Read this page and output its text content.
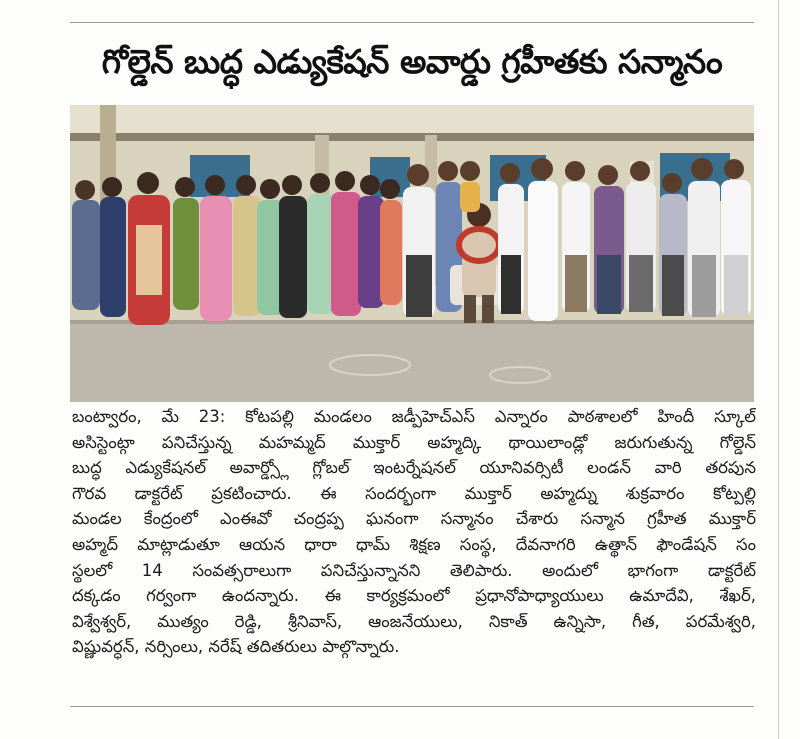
గోల్డెన్ బుద్ధ ఎడ్యుకేషన్ అవార్డు గ్రహీతకు సన్మానం
బంట్వారం, మే 23: కోటపల్లి మండలం జడ్పీహెచ్ఎస్ ఎన్నారం పాఠశాలలో హిందీ స్కూల్
అసిస్టెంట్గా పనిచేస్తున్న మహమ్మద్ ముక్తార్ అహ్మద్కి థాయిలాండ్లో జరుగుతున్న గోల్డెన్
బుద్ధ ఎడ్యుకేషనల్ అవార్డ్స్లో గ్లోబల్ ఇంటర్నేషనల్ యూనివర్సిటీ లండన్ వారి తరపున
గౌరవ డాక్టరేట్ ప్రకటించారు. ఈ సందర్భంగా ముక్తార్ అహ్మద్ను శుక్రవారం కోట్పల్లి
మండల కేంద్రంలో ఎంఈవో చంద్రప్ప ఘనంగా సన్మానం చేశారు సన్మాన గ్రహీత ముక్తార్
అహ్మద్ మాట్లాడుతూ ఆయన ధారా ధామ్ శిక్షణ సంస్థ, దేవనాగరి ఉత్థాన్ ఫౌండేషన్ సం
స్థలలో 14 సంవత్సరాలుగా పనిచేస్తున్నానని తెలిపారు. అందులో భాగంగా డాక్టరేట్
దక్కడం గర్వంగా ఉందన్నారు. ఈ కార్యక్రమంలో ప్రధానోపాధ్యాయులు ఉమాదేవి, శేఖర్,
విశ్వేశ్వర్, ముత్యం రెడ్డి, శ్రీనివాస్, ఆంజనేయులు, నికాత్ ఉన్నిసా, గీత, పరమేశ్వరి,
విష్ణువర్ధన్, నర్సింలు, నరేష్ తదితరులు పాల్గొన్నారు.
